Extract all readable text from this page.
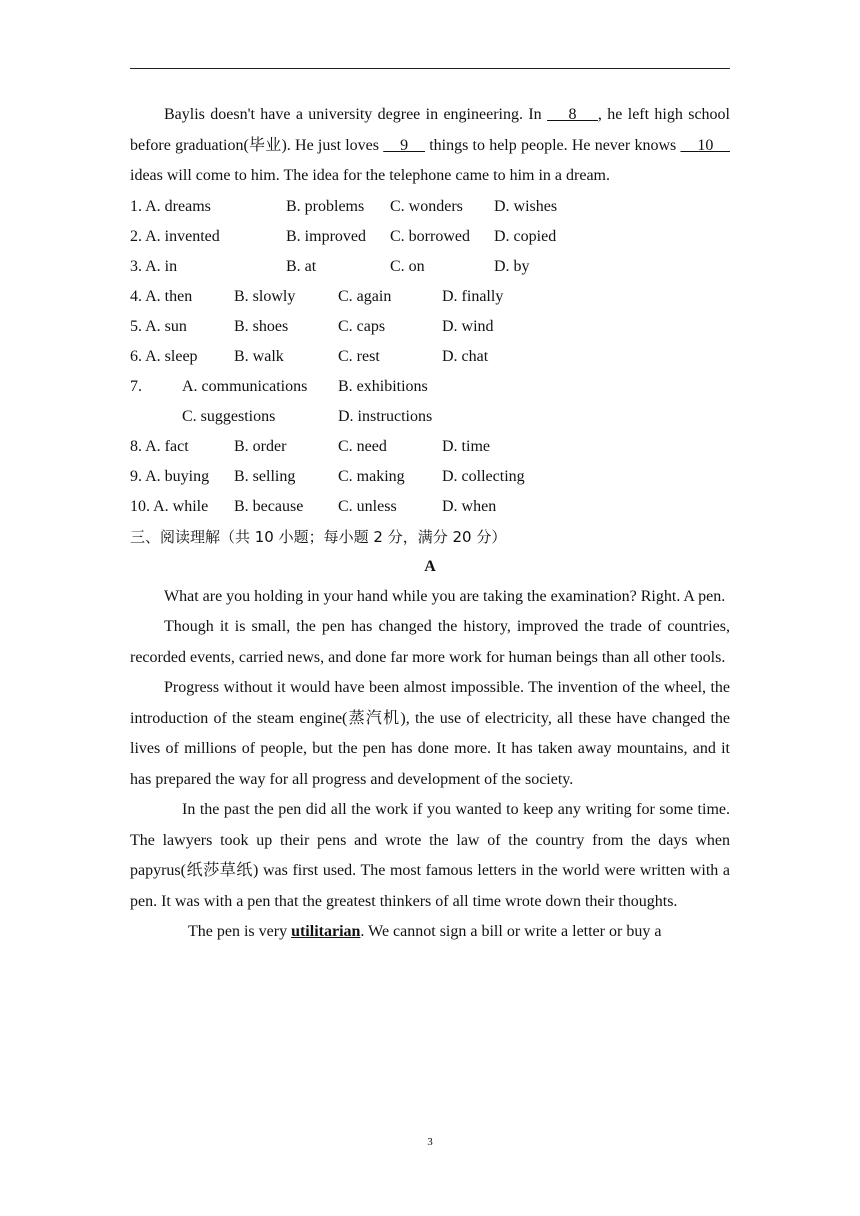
Baylis doesn't have a university degree in engineering. In     8    , he left high school before graduation(毕业). He just loves     9     things to help people. He never knows     10     ideas will come to him. The idea for the telephone came to him in a dream.

1. A. dreams	B. problems C. wonders D. wishes
2. A. invented	B. improved C. borrowed D. copied
3. A. in	B. at	C. on	D. by
4. A. then	B. slowly	C. again	D. finally
5. A. sun	B. shoes	C. caps	D. wind
6. A. sleep B. walk	C. rest	D. chat
7.	A. communications B. exhibitions
C. suggestions	D. instructions
8. A. fact	B. order	C. need	D. time
9. A. buying B. selling	C. making D. collecting
10. A. while B. because C. unless	D. when
三、阅读理解（共 10 小题；每小题 2 分，满分 20 分）
A

What are you holding in your hand while you are taking the examination? Right. A pen.

Though it is small, the pen has changed the history, improved the trade of countries, recorded events, carried news, and done far more work for human beings than all other tools.

Progress without it would have been almost impossible. The invention of the wheel, the introduction of the steam engine(蒸汽机), the use of electricity, all these have changed the lives of millions of people, but the pen has done more. It has taken away mountains, and it has prepared the way for all progress and development of the society.

In the past the pen did all the work if you wanted to keep any writing for some time. The lawyers took up their pens and wrote the law of the country from the days when papyrus(纸莎草纸) was first used. The most famous letters in the world were written with a pen. It was with a pen that the greatest thinkers of all time wrote down their thoughts.

The pen is very utilitarian. We cannot sign a bill or write a letter or buy a

3
